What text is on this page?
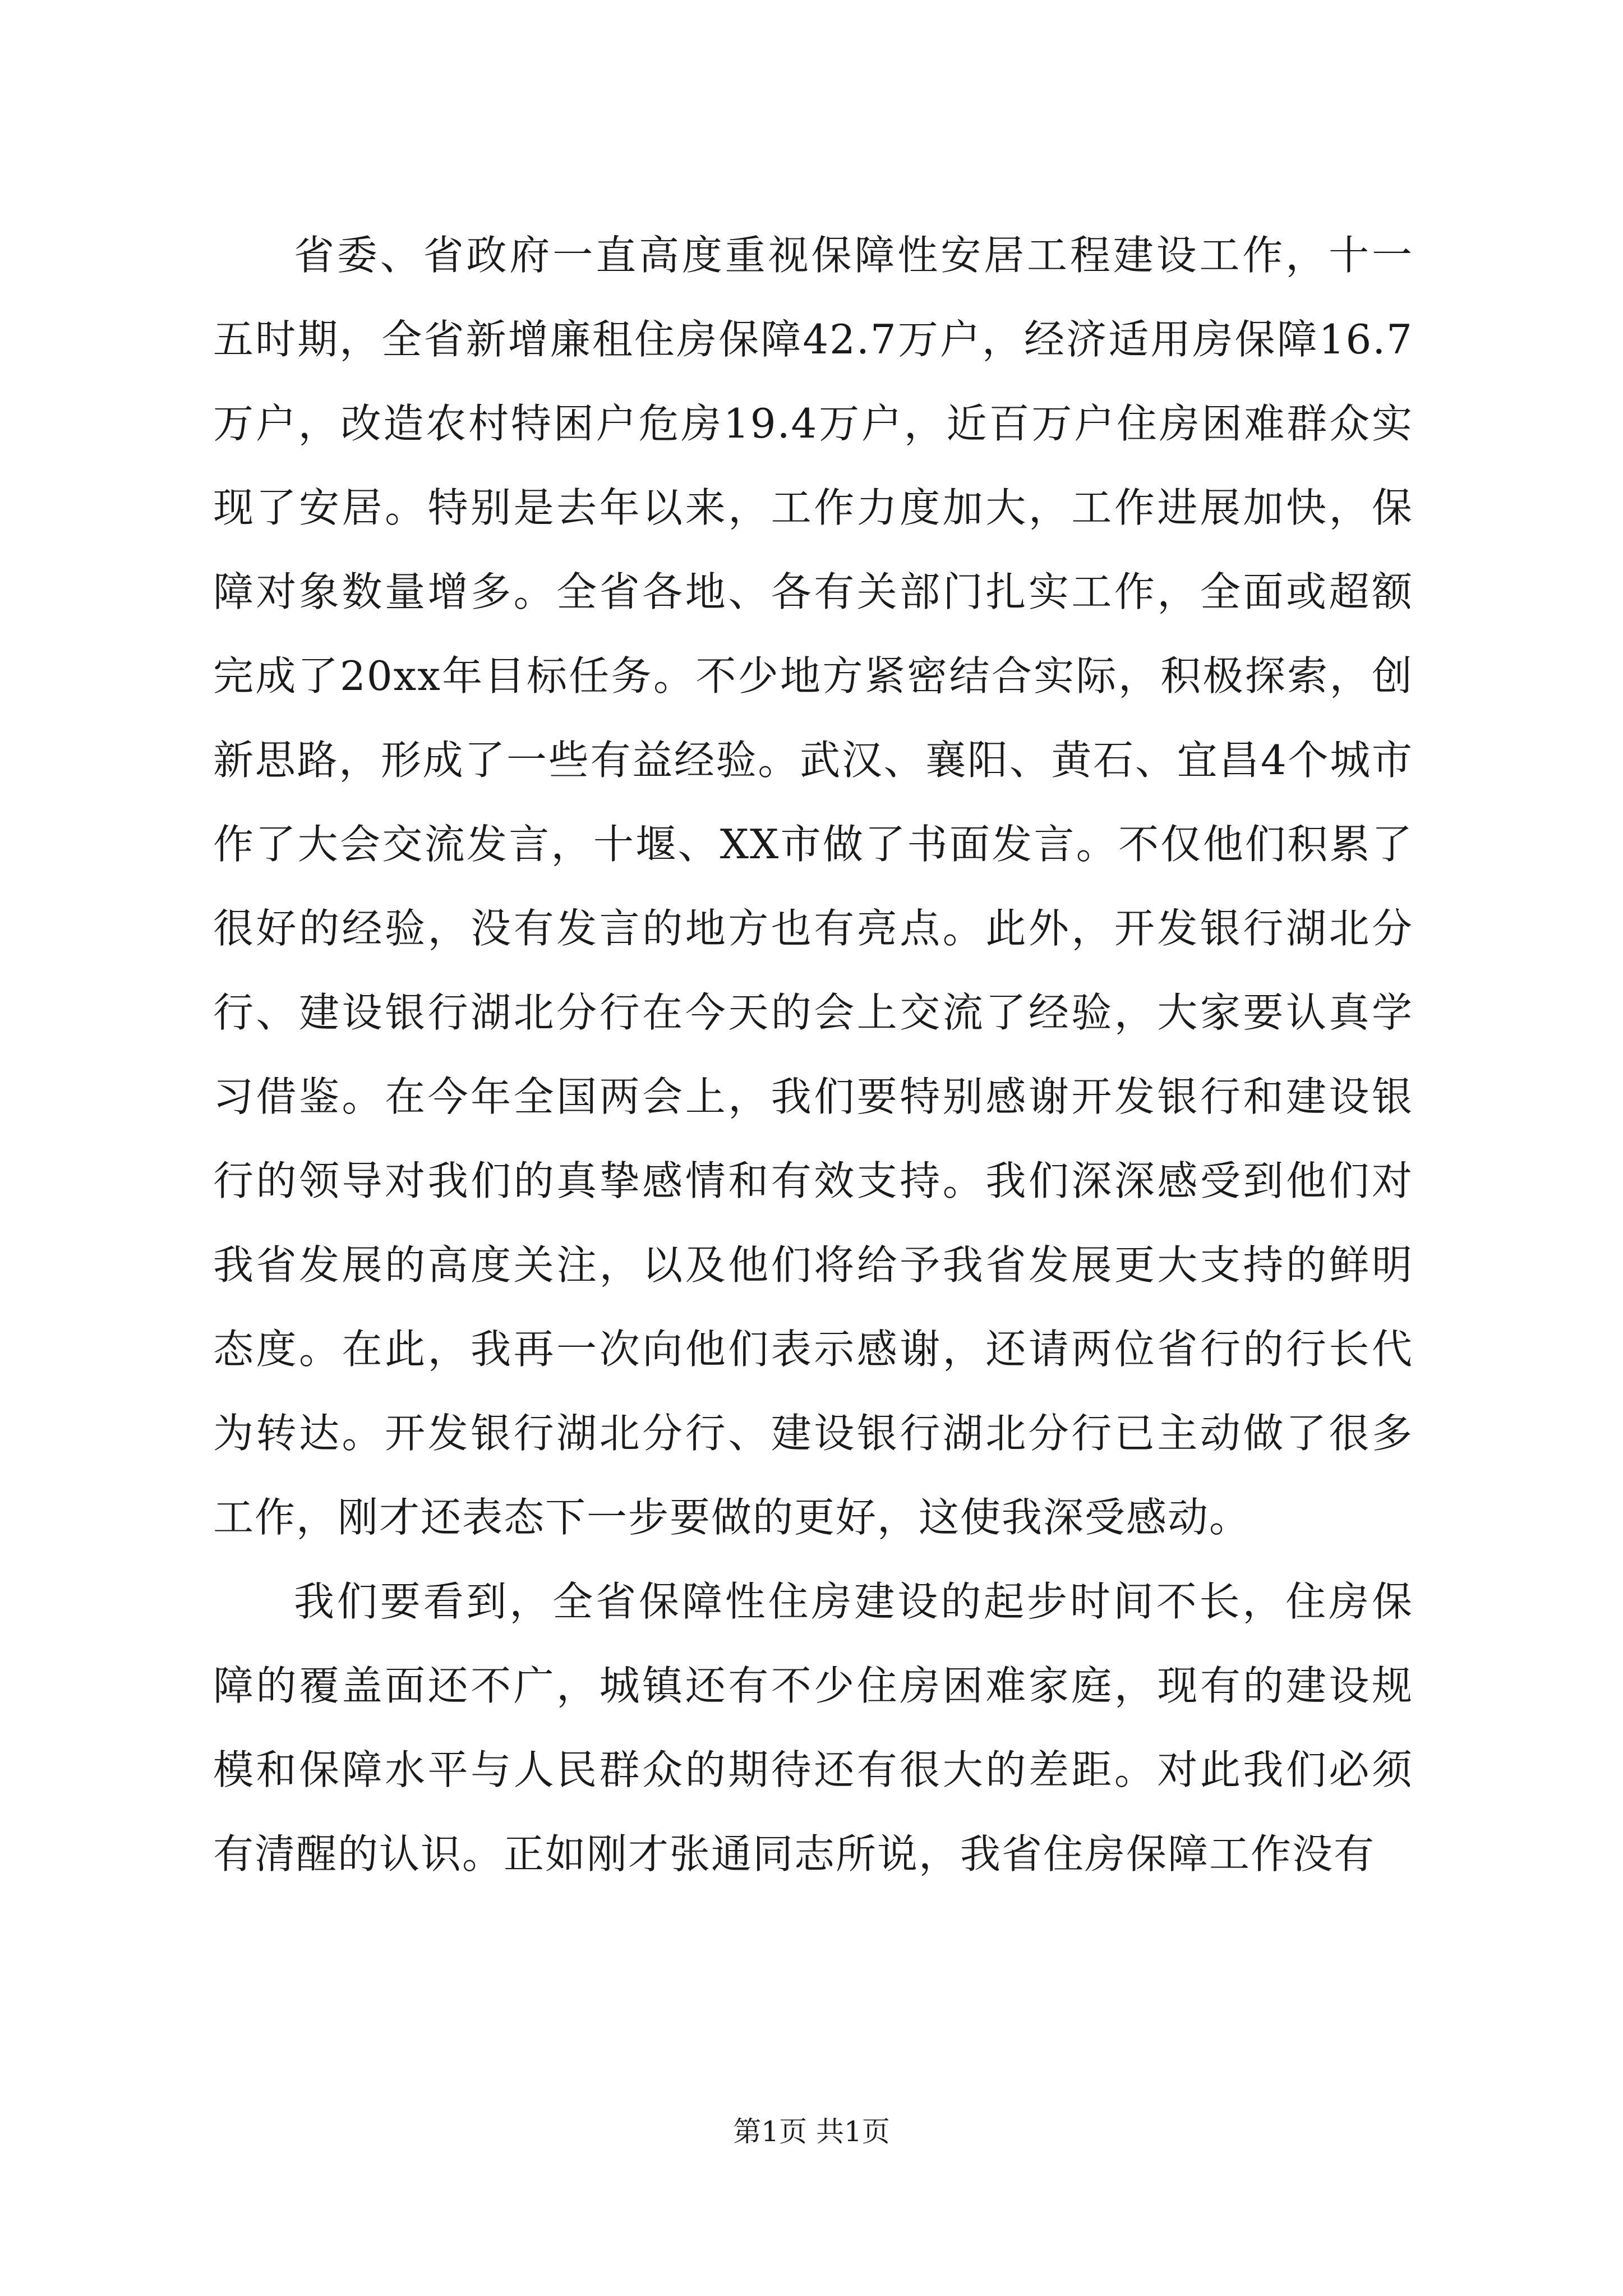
省委、省政府一直高度重视保障性安居工程建设工作，十一五时期，全省新增廉租住房保障42.7万户，经济适用房保障16.7万户，改造农村特困户危房19.4万户，近百万户住房困难群众实现了安居。特别是去年以来，工作力度加大，工作进展加快，保障对象数量增多。全省各地、各有关部门扎实工作，全面或超额完成了20xx年目标任务。不少地方紧密结合实际，积极探索，创新思路，形成了一些有益经验。武汉、襄阳、黄石、宜昌4个城市作了大会交流发言，十堰、XX市做了书面发言。不仅他们积累了很好的经验，没有发言的地方也有亮点。此外，开发银行湖北分行、建设银行湖北分行在今天的会上交流了经验，大家要认真学习借鉴。在今年全国两会上，我们要特别感谢开发银行和建设银行的领导对我们的真挚感情和有效支持。我们深深感受到他们对我省发展的高度关注，以及他们将给予我省发展更大支持的鲜明态度。在此，我再一次向他们表示感谢，还请两位省行的行长代为转达。开发银行湖北分行、建设银行湖北分行已主动做了很多工作，刚才还表态下一步要做的更好，这使我深受感动。

我们要看到，全省保障性住房建设的起步时间不长，住房保障的覆盖面还不广，城镇还有不少住房困难家庭，现有的建设规模和保障水平与人民群众的期待还有很大的差距。对此我们必须有清醒的认识。正如刚才张通同志所说，我省住房保障工作没有

第1页 共1页
